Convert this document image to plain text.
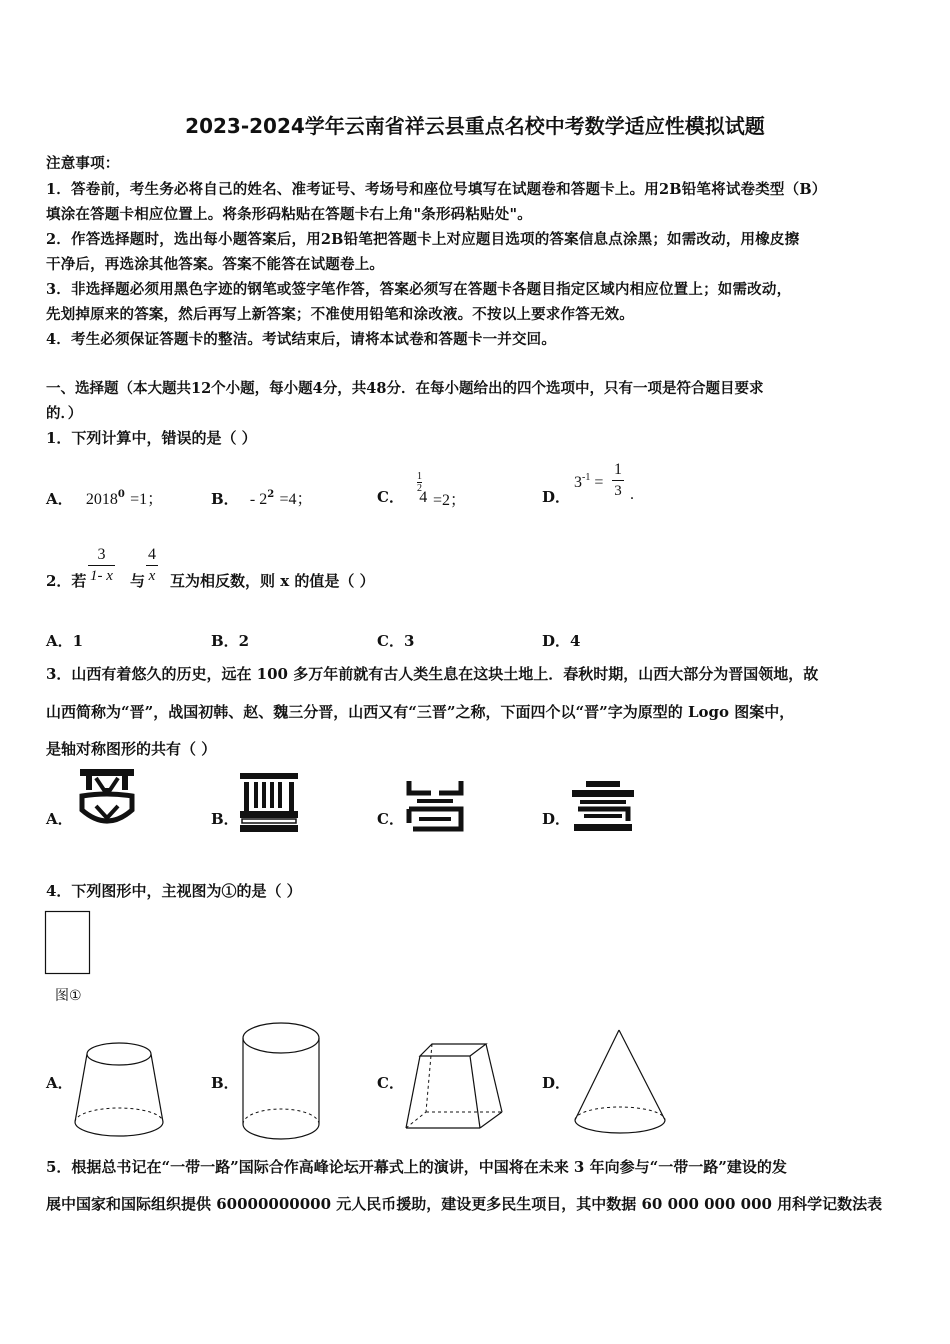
2023-2024学年云南省祥云县重点名校中考数学适应性模拟试题
注意事项：
1．答卷前，考生务必将自己的姓名、准考证号、考场号和座位号填写在试题卷和答题卡上。用2B铅笔将试卷类型（B）
填涂在答题卡相应位置上。将条形码粘贴在答题卡右上角"条形码粘贴处"。
2．作答选择题时，选出每小题答案后，用2B铅笔把答题卡上对应题目选项的答案信息点涂黑；如需改动，用橡皮擦
干净后，再选涂其他答案。答案不能答在试题卷上。
3．非选择题必须用黑色字迹的钢笔或签字笔作答，答案必须写在答题卡各题目指定区域内相应位置上；如需改动，
先划掉原来的答案，然后再写上新答案；不准使用铅笔和涂改液。不按以上要求作答无效。
4．考生必须保证答题卡的整洁。考试结束后，请将本试卷和答题卡一并交回。
一、选择题（本大题共12个小题，每小题4分，共48分．在每小题给出的四个选项中，只有一项是符合题目要求
的．）
1．下列计算中，错误的是（ ）
A． $2018^0 =1$；	B． - $2^2 =4$；	C． 4
$\frac{1}{2}$
=2；	D．
$3^{-1} = \frac{1}{3}$ .
2．若 $\frac{3}{1- x}$ 与 $\frac{4}{x}$ 互为相反数，则 x 的值是（ ）
A．1	B．2	C．3	D．4
3．山西有着悠久的历史，远在 100 多万年前就有古人类生息在这块土地上．春秋时期，山西大部分为晋国领地，故
山西简称为“晋”，战国初韩、赵、魏三分晋，山西又有“三晋”之称，下面四个以“晋”字为原型的 Logo 图案中，
是轴对称图形的共有（ ）
A．	B．	C．	D．
4．下列图形中，主视图为①的是（ ）
图①
A．	B．	C．	D．
5．根据总书记在“一带一路”国际合作高峰论坛开幕式上的演讲，中国将在未来 3 年向参与“一带一路”建设的发
展中国家和国际组织提供 60000000000 元人民币援助，建设更多民生项目，其中数据 60 000 000 000 用科学记数法表
